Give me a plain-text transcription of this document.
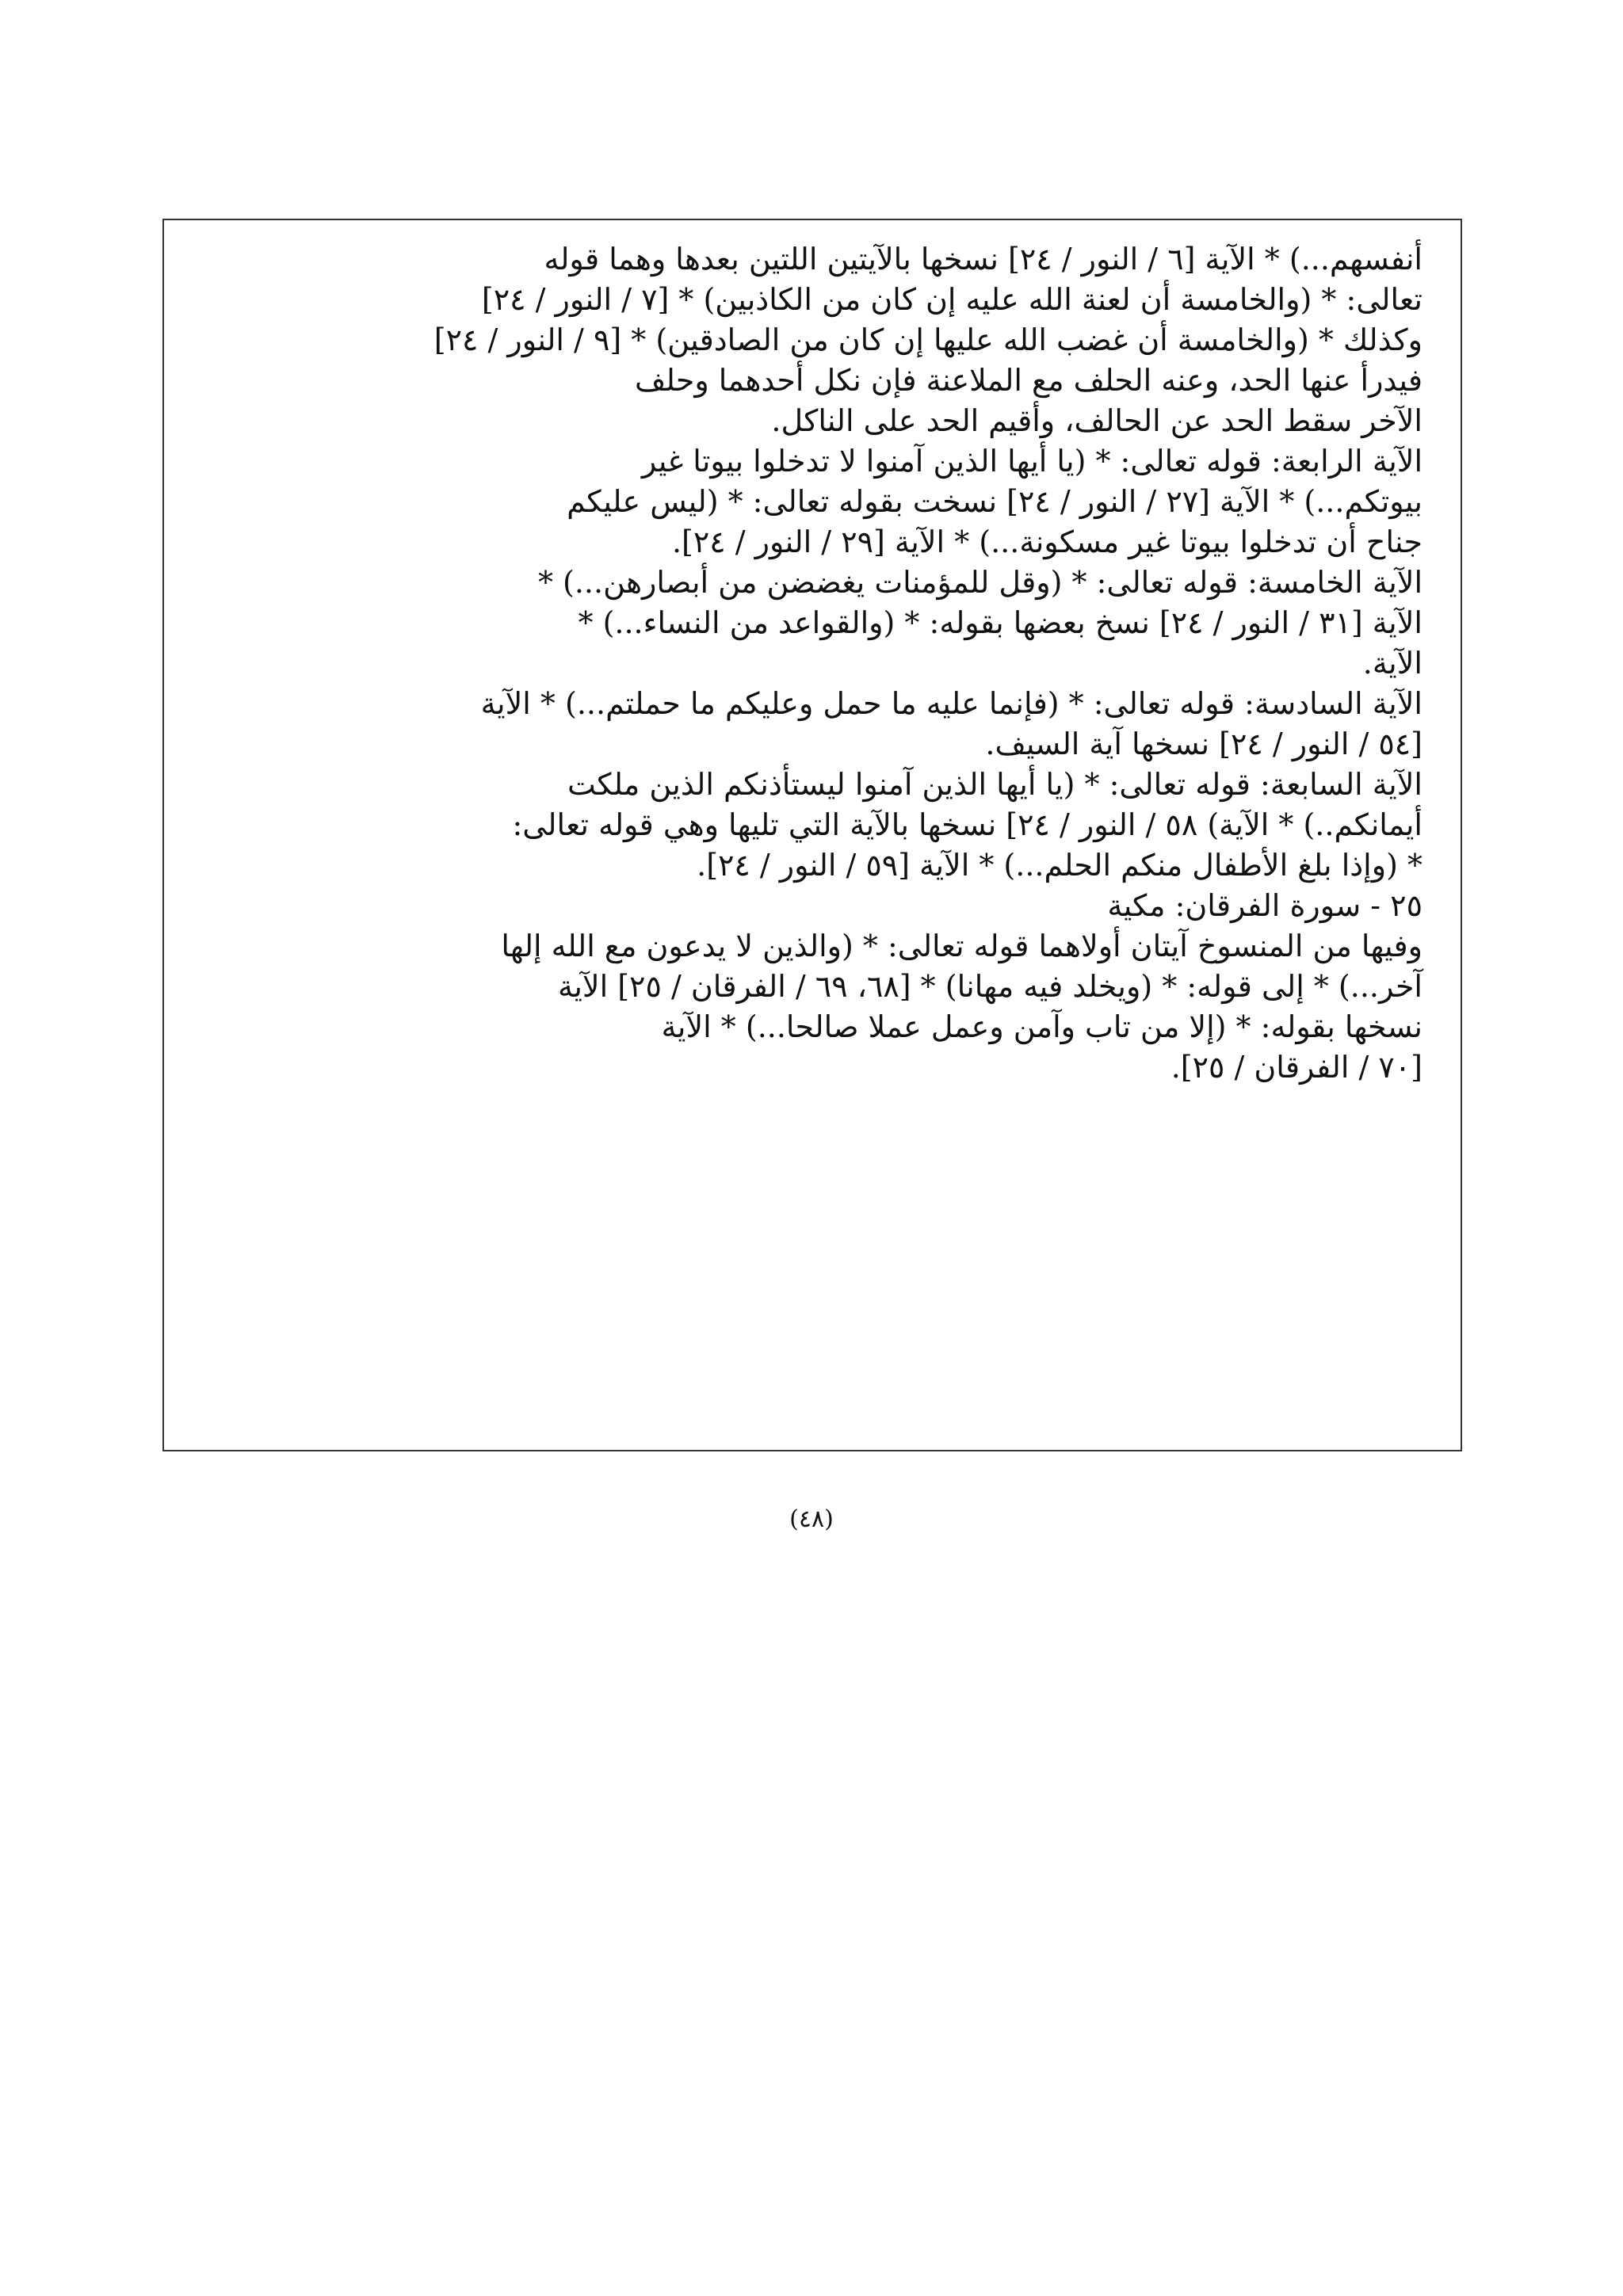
أنفسهم...) * الآية [٦ / النور / ٢٤] نسخها بالآيتين اللتين بعدها وهما قوله
تعالى: * (والخامسة أن لعنة الله عليه إن كان من الكاذبين) * [٧ / النور / ٢٤]
وكذلك * (والخامسة أن غضب الله عليها إن كان من الصادقين) * [٩ / النور / ٢٤]
فيدرأ عنها الحد، وعنه الحلف مع الملاعنة فإن نكل أحدهما وحلف
الآخر سقط الحد عن الحالف، وأقيم الحد على الناكل.
الآية الرابعة: قوله تعالى: * (يا أيها الذين آمنوا لا تدخلوا بيوتا غير
بيوتكم...) * الآية [٢٧ / النور / ٢٤] نسخت بقوله تعالى: * (ليس عليكم
جناح أن تدخلوا بيوتا غير مسكونة...) * الآية [٢٩ / النور / ٢٤].
الآية الخامسة: قوله تعالى: * (وقل للمؤمنات يغضضن من أبصارهن...) *
الآية [٣١ / النور / ٢٤] نسخ بعضها بقوله: * (والقواعد من النساء...) *
الآية.
الآية السادسة: قوله تعالى: * (فإنما عليه ما حمل وعليكم ما حملتم...) * الآية
[٥٤ / النور / ٢٤] نسخها آية السيف.
الآية السابعة: قوله تعالى: * (يا أيها الذين آمنوا ليستأذنكم الذين ملكت
أيمانكم..) * الآية) ٥٨ / النور / ٢٤] نسخها بالآية التي تليها وهي قوله تعالى:
* (وإذا بلغ الأطفال منكم الحلم...) * الآية [٥٩ / النور / ٢٤].
٢٥ - سورة الفرقان: مكية
وفيها من المنسوخ آيتان أولاهما قوله تعالى: * (والذين لا يدعون مع الله إلها
آخر...) * إلى قوله: * (ويخلد فيه مهانا) * [٦٨، ٦٩ / الفرقان / ٢٥] الآية
نسخها بقوله: * (إلا من تاب وآمن وعمل عملا صالحا...) * الآية
[٧٠ / الفرقان / ٢٥].
(٤٨)
